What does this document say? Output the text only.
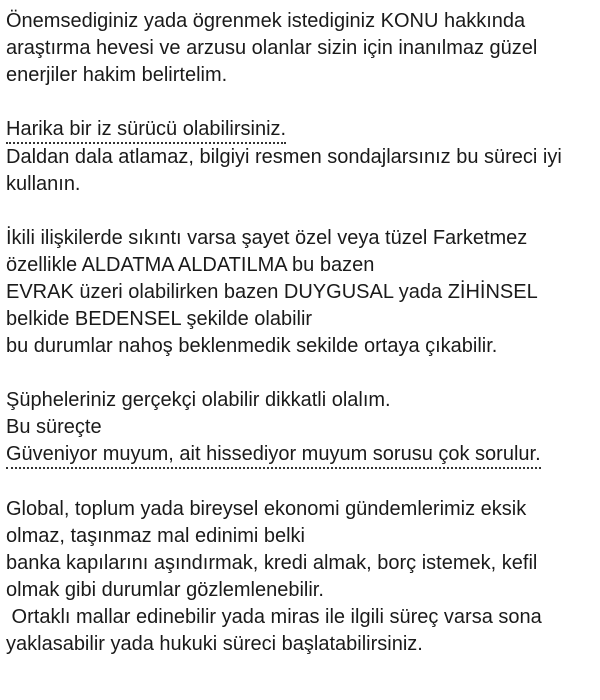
Önemsediginiz yada ögrenmek istediginiz KONU hakkında
araştırma hevesi ve arzusu olanlar sizin için inanılmaz güzel
enerjiler hakim belirtelim.

Harika bir iz sürücü olabilirsiniz.
Daldan dala atlamaz, bilgiyi resmen sondajlarsınız bu süreci iyi
kullanın.

İkili ilişkilerde sıkıntı varsa şayet özel veya tüzel Farketmez
özellikle ALDATMA ALDATILMA bu bazen
EVRAK üzeri olabilirken bazen DUYGUSAL yada ZİHİNSEL
belkide BEDENSEL şekilde olabilir
bu durumlar nahoş beklenmedik sekilde ortaya çıkabilir.

Şüpheleriniz gerçekçi olabilir dikkatli olalım.
Bu süreçte
Güveniyor muyum, ait hissediyor muyum sorusu çok sorulur.

Global, toplum yada bireysel ekonomi gündemlerimiz eksik
olmaz, taşınmaz mal edinimi belki
banka kapılarını aşındırmak, kredi almak, borç istemek, kefil
olmak gibi durumlar gözlemlenebilir.
Ortaklı mallar edinebilir yada miras ile ilgili süreç varsa sona
yaklasabilir yada hukuki süreci başlatabilirsiniz.
